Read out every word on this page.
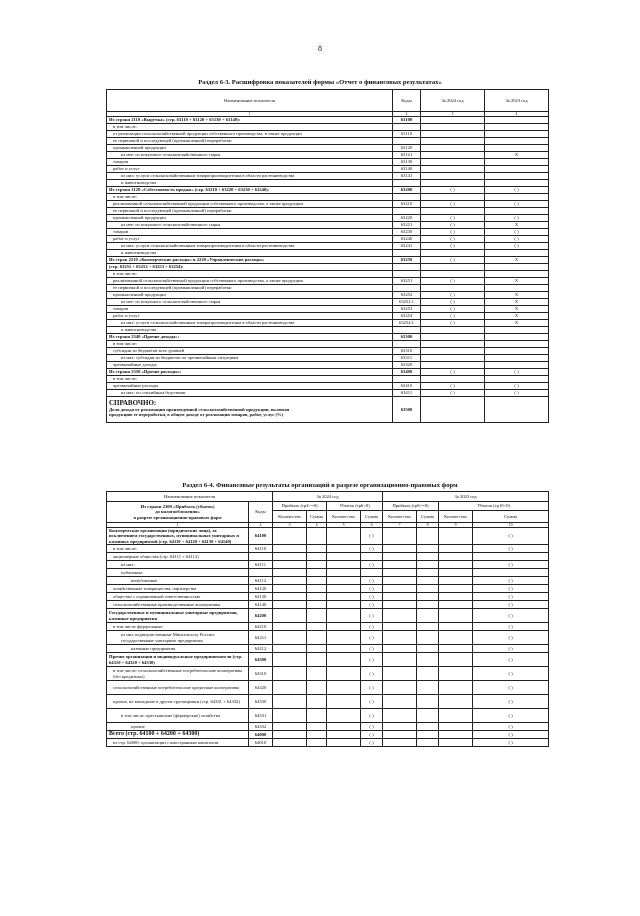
8
Раздел 6-3. Расшифровка показателей формы «Отчет о финансовых результатах»
Наименование показателя	Коды	За 2024 год	За 2023 год
1	2	3	4
Из строки 2110 «Выручка» (стр. 63110 + 63120 + 63130 + 63140):	63100		
в том числе:			
от реализации сельскохозяйственной продукции собственного производства, в также продукции	63110		
ее первичной и последующей (промышленной) переработки			
промышленной продукции	63120		
из нее: из покупного сельскохозяйственного сырья	63121		X
товаров	63130		
работ и услуг	63140		
из них: услуги сельскохозяйственным товаропроизводителям в области растениеводства	63141		
и животноводства			
Из строки 2120 «Себестоимость продаж» (стр. 63210 + 63220 + 63230 + 63240):	63200	( )	( )
в том числе:			
реализованной сельскохозяйственной продукции собственного производства, а также продукции	63210	( )	( )
ее первичной и последующей (промышленной) переработки			
промышленной продукции	63220	( )	( )
из нее: из покупного сельскохозяйственного сырья	63221	( )	X
товаров	63230	( )	( )
работ и услуг	63240	( )	( )
из них: услуги сельскохозяйственным товаропроизводителям в области растениеводства	63241	( )	( )
и животноводства			
Из строк 2210 «Коммерческие расходы» и 2220 «Управленческие расходы»	63250	( )	X
(стр. 63251 + 63252 + 63253 + 63254):			
в том числе:			
реализованной сельскохозяйственной продукции собственного производства, а также продукции	63251	( )	X
ее первичной и последующей (промышленной) переработки			
промышленной продукции	63252	( )	X
из нее: из покупного сельскохозяйственного сырья	63252.1	( )	X
товаров	63253	( )	X
работ и услуг	63254	( )	X
из них: услуги сельскохозяйственным товаропроизводителям в области растениеводства	63254.1	( )	X
и животноводства			
Из строки 2340 «Прочие доходы»:	63300		
в том числе:			
субсидии из бюджетов всех уровней	63310		
из них: субсидии из бюджетов по чрезвычайным ситуациям	63311		
чрезвычайные доходы	63320		
Из строки 2350 «Прочие расходы»:	63400	( )	( )
в том числе:			
чрезвычайные расходы	63410	( )	( )
из них: по стихийным бедствиям	63411	( )	( )

СПРАВОЧНО:
Доля дохода от реализации произведенной сельскохозяйственной продукции, включая
продукцию ее переработки, в общем доходе от реализации товаров, работ, услуг (%)	63500		
Раздел 6-4. Финансовые результаты организаций в разрезе организационно-правовых форм
Наименование показателя		За 2024 год				За 2023 год			

Из строки 2300 «Прибыль (убыток)
до налогообложения»
в разрезе организационно-правовых форм	Коды	Прибыль (гр4>=0)		Убыток (гр6<0)		Прибыль (гр8>=0)		Убыток (гр10<0)	
		Количество	Сумма	Количество	Сумма	Количество	Сумма	Количество	Сумма
1	2	3	4	5	6	7	8	9	10
Коммерческие организации (юридические лица), за исключением государственных, муниципальных унитарных и казенных предприятий (стр. 64110 + 64120 + 64130 + 64140)	64100				( )				( )
в том числе:	64110				( )				( )
акционерные общества (стр. 64111 + 64112)									
из них:	64111				( )				( )
публичные									
непубличные	64112				( )				( )
хозяйственные товарищества, партнерства	64120				( )				( )
общество с ограниченной ответственностью	64130				( )				( )
сельскохозяйственные производственные кооперативы	64140				( )				( )
Государственные и муниципальные унитарные предприятия, казенные предприятия	64200				( )				( )
в том числе федеральные	64210				( )				( )
из них подведомственные Минсельхозу России: государственные унитарные предприятия	64211				( )				( )
казенные предприятия	64212				( )				( )
Прочие организации и индивидуальные предприниматели (стр. 64310 + 64320 + 64330)	64300				( )				( )
в том числе: сельскохозяйственные потребительские кооперативы (без кредитных)	64310				( )				( )
сельскохозяйственные потребительские кредитные кооперативы	64320				( )				( )
прочие, не вошедшие в другие группировки (стр. 64331 + 64332)	64330				( )				( )
в том числе: крестьянские (фермерские) хозяйства	64331				( )				( )
прочие	64332				( )				( )
Всего (стр. 64100 + 64200 + 64300)	64000				( )				( )
из стр. 64000: организации с иностранным капиталом	64010				( )				( )
